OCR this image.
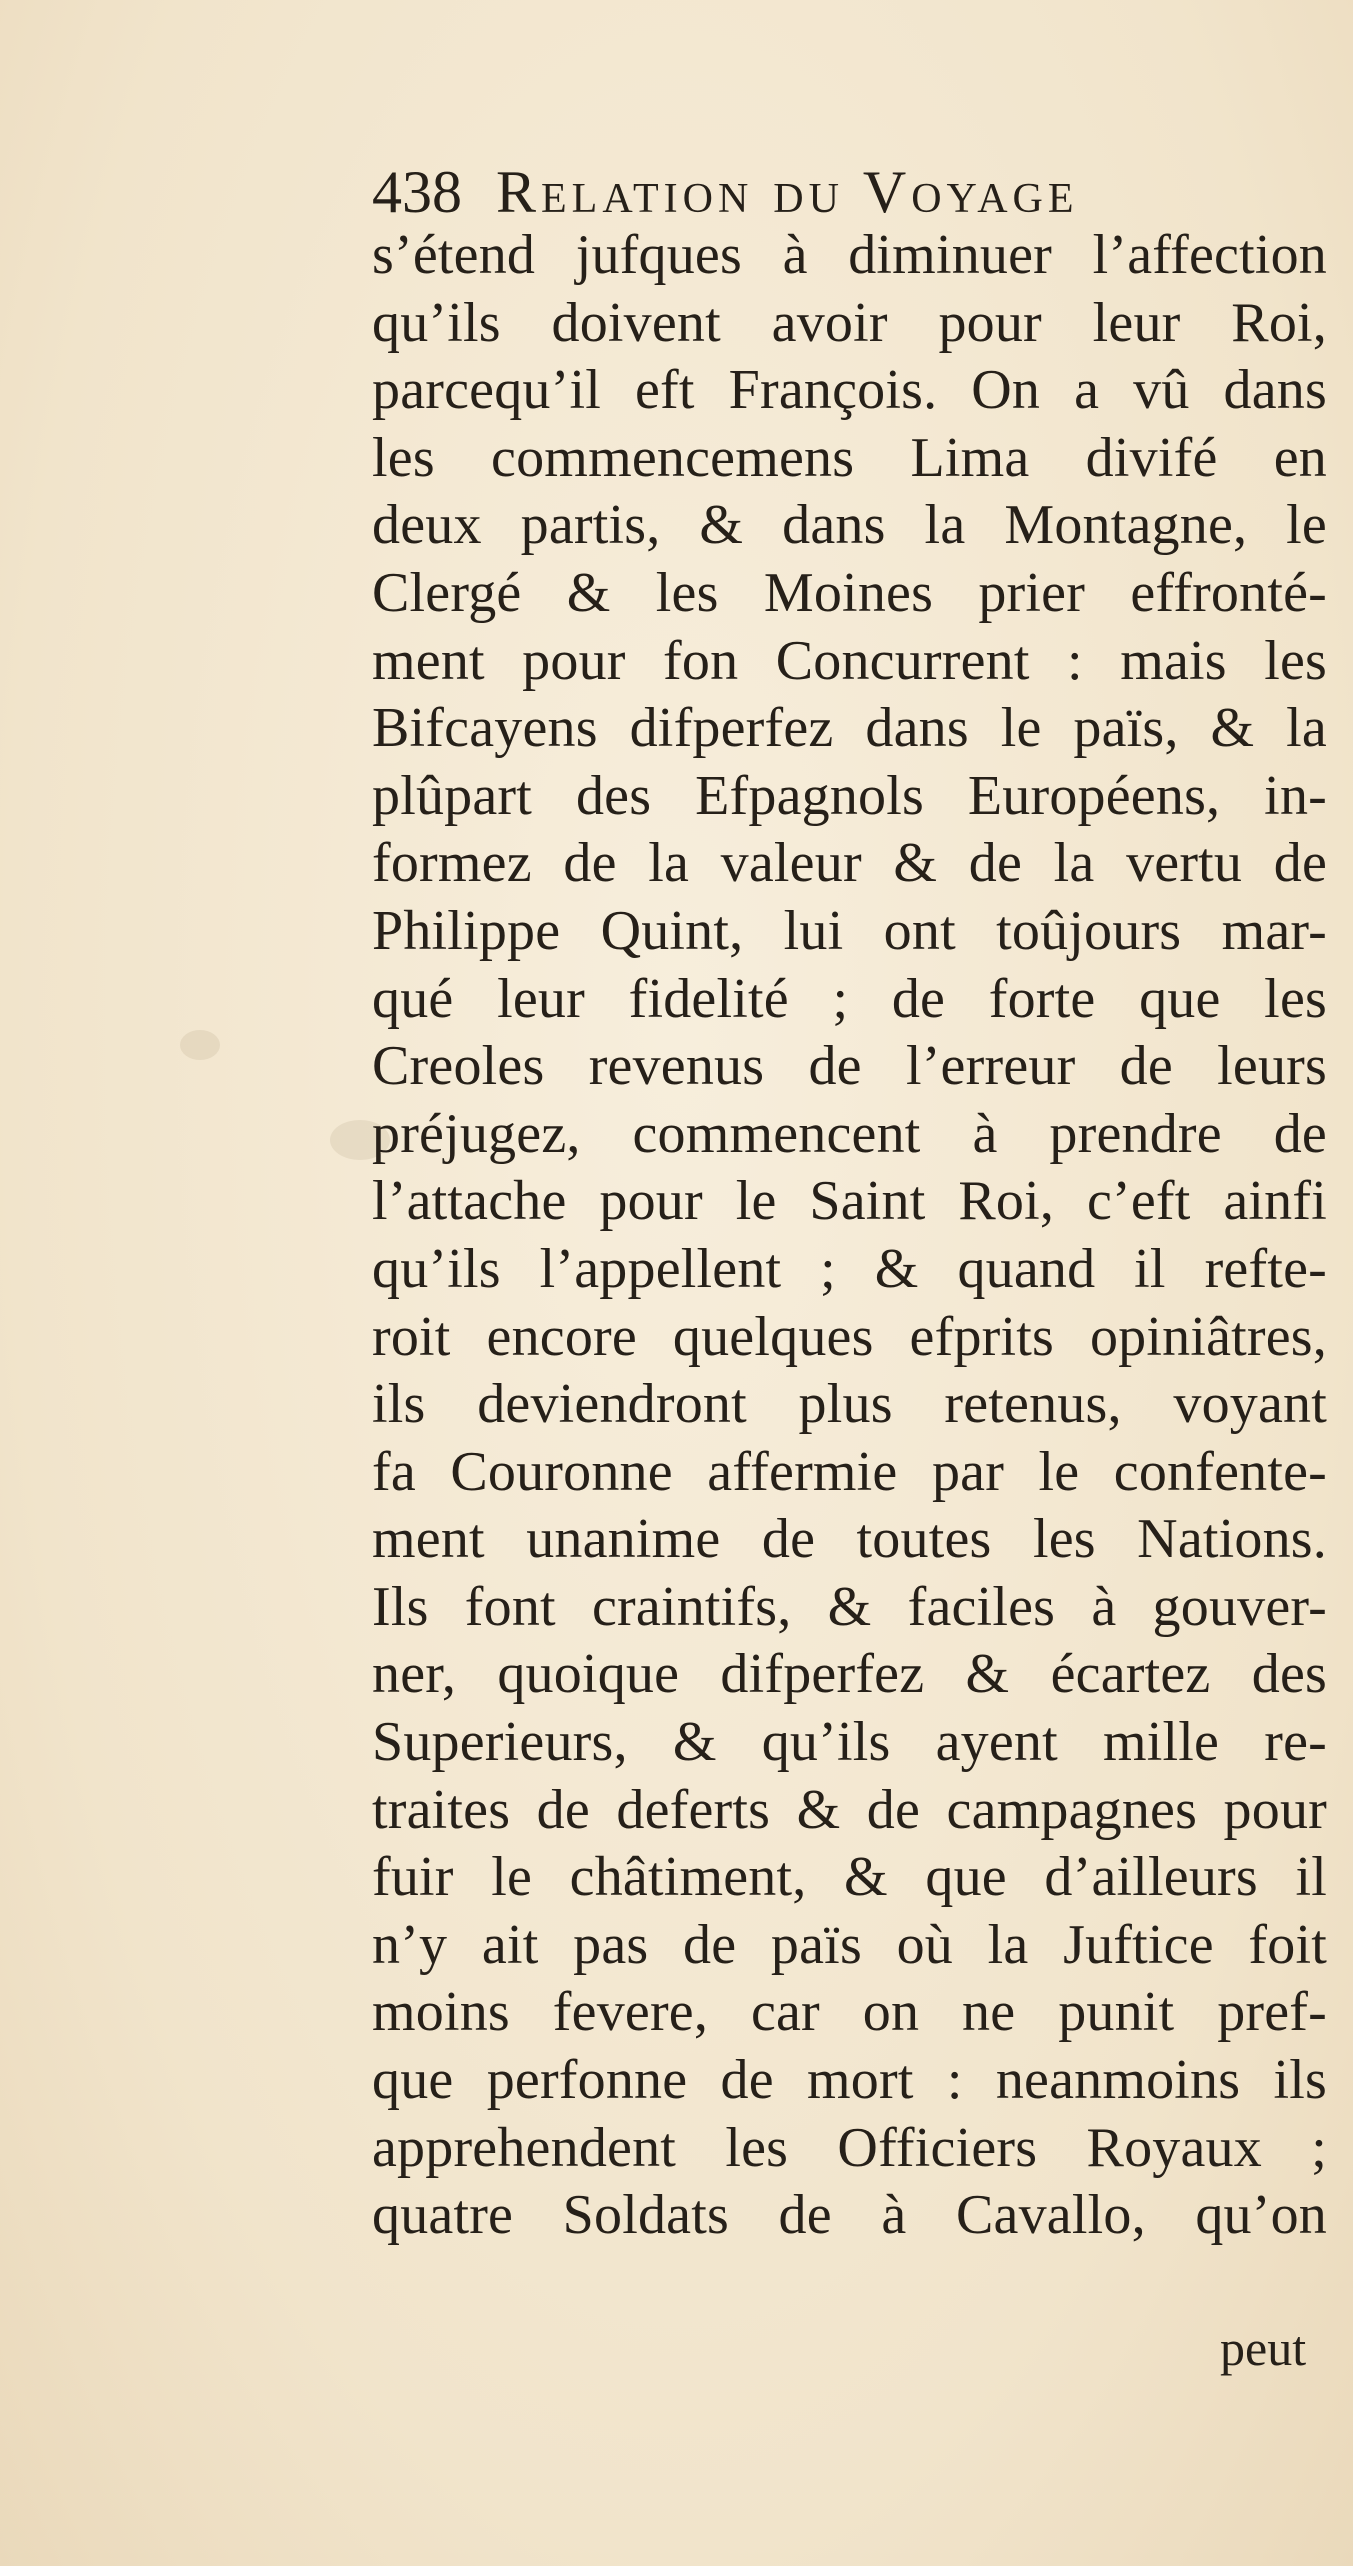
438 Relation du Voyage
s’étend jufques à diminuer l’affection
qu’ils doivent avoir pour leur Roi,
parcequ’il eft François. On a vû dans
les commencemens Lima divifé en
deux partis, & dans la Montagne, le
Clergé & les Moines prier effronté-
ment pour fon Concurrent : mais les
Bifcayens difperfez dans le païs, & la
plûpart des Efpagnols Européens, in-
formez de la valeur & de la vertu de
Philippe Quint, lui ont toûjours mar-
qué leur fidelité ; de forte que les
Creoles revenus de l’erreur de leurs
préjugez, commencent à prendre de
l’attache pour le Saint Roi, c’eft ainfi
qu’ils l’appellent ; & quand il refte-
roit encore quelques efprits opiniâtres,
ils deviendront plus retenus, voyant
fa Couronne affermie par le confente-
ment unanime de toutes les Nations.
Ils font craintifs, & faciles à gouver-
ner, quoique difperfez & écartez des
Superieurs, & qu’ils ayent mille re-
traites de deferts & de campagnes pour
fuir le châtiment, & que d’ailleurs il
n’y ait pas de païs où la Juftice foit
moins fevere, car on ne punit pref-
que perfonne de mort : neanmoins ils
apprehendent les Officiers Royaux ;
quatre Soldats de à Cavallo, qu’on
peut
